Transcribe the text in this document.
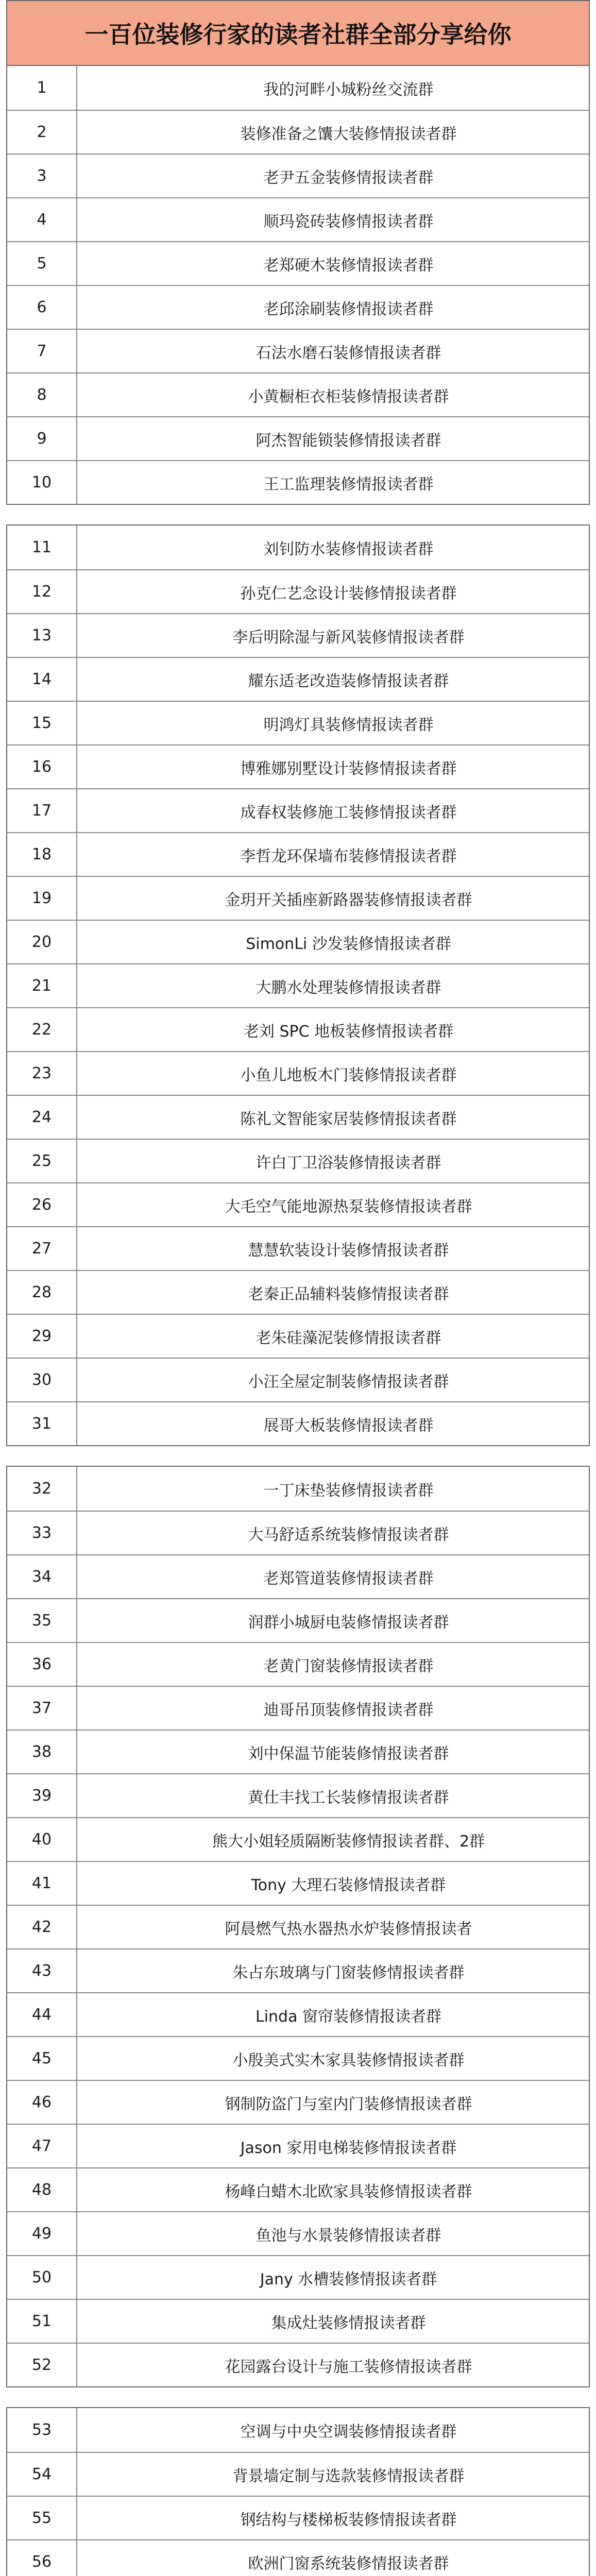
一百位装修行家的读者社群全部分享给你
1	我的河畔小城粉丝交流群
2	装修准备之馕大装修情报读者群
3	老尹五金装修情报读者群
4	顺玛瓷砖装修情报读者群
5	老郑硬木装修情报读者群
6	老邱涂刷装修情报读者群
7	石法水磨石装修情报读者群
8	小黄橱柜衣柜装修情报读者群
9	阿杰智能锁装修情报读者群
10	王工监理装修情报读者群
11	刘钊防水装修情报读者群
12	孙克仁艺念设计装修情报读者群
13	李后明除湿与新风装修情报读者群
14	耀东适老改造装修情报读者群
15	明鸿灯具装修情报读者群
16	博雅娜别墅设计装修情报读者群
17	成春权装修施工装修情报读者群
18	李哲龙环保墙布装修情报读者群
19	金玥开关插座新路器装修情报读者群
20	SimonLi 沙发装修情报读者群
21	大鹏水处理装修情报读者群
22	老刘 SPC 地板装修情报读者群
23	小鱼儿地板木门装修情报读者群
24	陈礼文智能家居装修情报读者群
25	许白丁卫浴装修情报读者群
26	大毛空气能地源热泵装修情报读者群
27	慧慧软装设计装修情报读者群
28	老秦正品辅料装修情报读者群
29	老朱硅藻泥装修情报读者群
30	小汪全屋定制装修情报读者群
31	展哥大板装修情报读者群
32	一丁床垫装修情报读者群
33	大马舒适系统装修情报读者群
34	老郑管道装修情报读者群
35	润群小城厨电装修情报读者群
36	老黄门窗装修情报读者群
37	迪哥吊顶装修情报读者群
38	刘中保温节能装修情报读者群
39	黄仕丰找工长装修情报读者群
40	熊大小姐轻质隔断装修情报读者群、2群
41	Tony 大理石装修情报读者群
42	阿晨燃气热水器热水炉装修情报读者
43	朱占东玻璃与门窗装修情报读者群
44	Linda 窗帘装修情报读者群
45	小殷美式实木家具装修情报读者群
46	钢制防盗门与室内门装修情报读者群
47	Jason 家用电梯装修情报读者群
48	杨峰白蜡木北欧家具装修情报读者群
49	鱼池与水景装修情报读者群
50	Jany 水槽装修情报读者群
51	集成灶装修情报读者群
52	花园露台设计与施工装修情报读者群
53	空调与中央空调装修情报读者群
54	背景墙定制与选款装修情报读者群
55	钢结构与楼梯板装修情报读者群
56	欧洲门窗系统装修情报读者群
